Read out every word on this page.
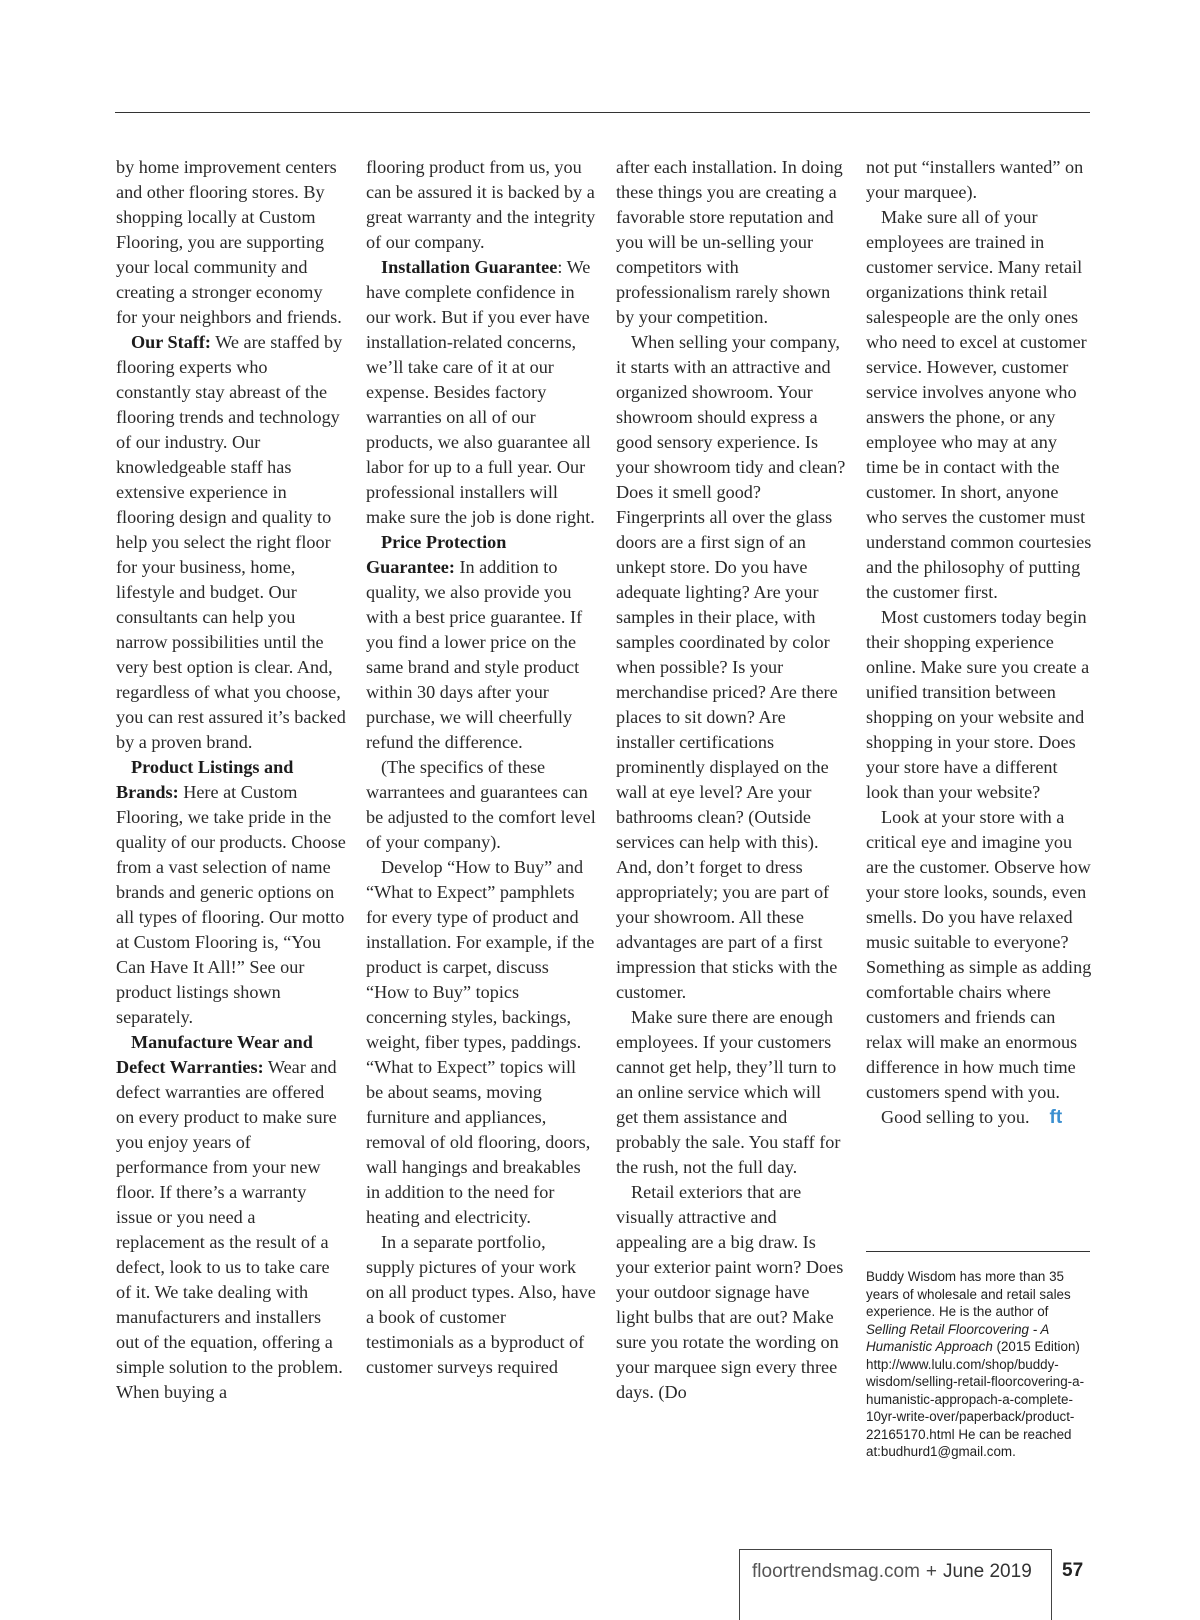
by home improvement centers and other flooring stores. By shopping locally at Custom Flooring, you are supporting your local community and creating a stronger economy for your neighbors and friends.

Our Staff: We are staffed by flooring experts who constantly stay abreast of the flooring trends and technology of our industry. Our knowledgeable staff has extensive experience in flooring design and quality to help you select the right floor for your business, home, lifestyle and budget. Our consultants can help you narrow possibilities until the very best option is clear. And, regardless of what you choose, you can rest assured it’s backed by a proven brand.

Product Listings and Brands: Here at Custom Flooring, we take pride in the quality of our products. Choose from a vast selection of name brands and generic options on all types of flooring. Our motto at Custom Flooring is, “You Can Have It All!” See our product listings shown separately.

Manufacture Wear and Defect Warranties: Wear and defect warranties are offered on every product to make sure you enjoy years of performance from your new floor. If there’s a warranty issue or you need a replacement as the result of a defect, look to us to take care of it. We take dealing with manufacturers and installers out of the equation, offering a simple solution to the problem. When buying a

flooring product from us, you can be assured it is backed by a great warranty and the integrity of our company.

Installation Guarantee: We have complete confidence in our work. But if you ever have installation-related concerns, we’ll take care of it at our expense. Besides factory warranties on all of our products, we also guarantee all labor for up to a full year. Our professional installers will make sure the job is done right.

Price Protection Guarantee: In addition to quality, we also provide you with a best price guarantee. If you find a lower price on the same brand and style product within 30 days after your purchase, we will cheerfully refund the difference.

(The specifics of these warrantees and guarantees can be adjusted to the comfort level of your company).

Develop “How to Buy” and “What to Expect” pamphlets for every type of product and installation. For example, if the product is carpet, discuss “How to Buy” topics concerning styles, backings, weight, fiber types, paddings. “What to Expect” topics will be about seams, moving furniture and appliances, removal of old flooring, doors, wall hangings and breakables in addition to the need for heating and electricity.

In a separate portfolio, supply pictures of your work on all product types. Also, have a book of customer testimonials as a byproduct of customer surveys required

after each installation. In doing these things you are creating a favorable store reputation and you will be un-selling your competitors with professionalism rarely shown by your competition.

When selling your company, it starts with an attractive and organized showroom. Your showroom should express a good sensory experience. Is your showroom tidy and clean? Does it smell good? Fingerprints all over the glass doors are a first sign of an unkept store. Do you have adequate lighting? Are your samples in their place, with samples coordinated by color when possible? Is your merchandise priced? Are there places to sit down? Are installer certifications prominently displayed on the wall at eye level? Are your bathrooms clean? (Outside services can help with this). And, don’t forget to dress appropriately; you are part of your showroom. All these advantages are part of a first impression that sticks with the customer.

Make sure there are enough employees. If your customers cannot get help, they’ll turn to an online service which will get them assistance and probably the sale. You staff for the rush, not the full day.

Retail exteriors that are visually attractive and appealing are a big draw. Is your exterior paint worn? Does your outdoor signage have light bulbs that are out? Make sure you rotate the wording on your marquee sign every three days. (Do

not put “installers wanted” on your marquee).

Make sure all of your employees are trained in customer service. Many retail organizations think retail salespeople are the only ones who need to excel at customer service. However, customer service involves anyone who answers the phone, or any employee who may at any time be in contact with the customer. In short, anyone who serves the customer must understand common courtesies and the philosophy of putting the customer first.

Most customers today begin their shopping experience online. Make sure you create a unified transition between shopping on your website and shopping in your store. Does your store have a different look than your website?

Look at your store with a critical eye and imagine you are the customer. Observe how your store looks, sounds, even smells. Do you have relaxed music suitable to everyone? Something as simple as adding comfortable chairs where customers and friends can relax will make an enormous difference in how much time customers spend with you.

Good selling to you. ft

Buddy Wisdom has more than 35 years of wholesale and retail sales experience. He is the author of Selling Retail Floorcovering - A Humanistic Approach (2015 Edition) http://www.lulu.com/shop/buddy-wisdom/selling-retail-floorcovering-a-humanistic-appropach-a-complete-10yr-write-over/paperback/product-22165170.html He can be reached at:budhurd1@gmail.com.
floortrendsmag.com + June 2019 57
